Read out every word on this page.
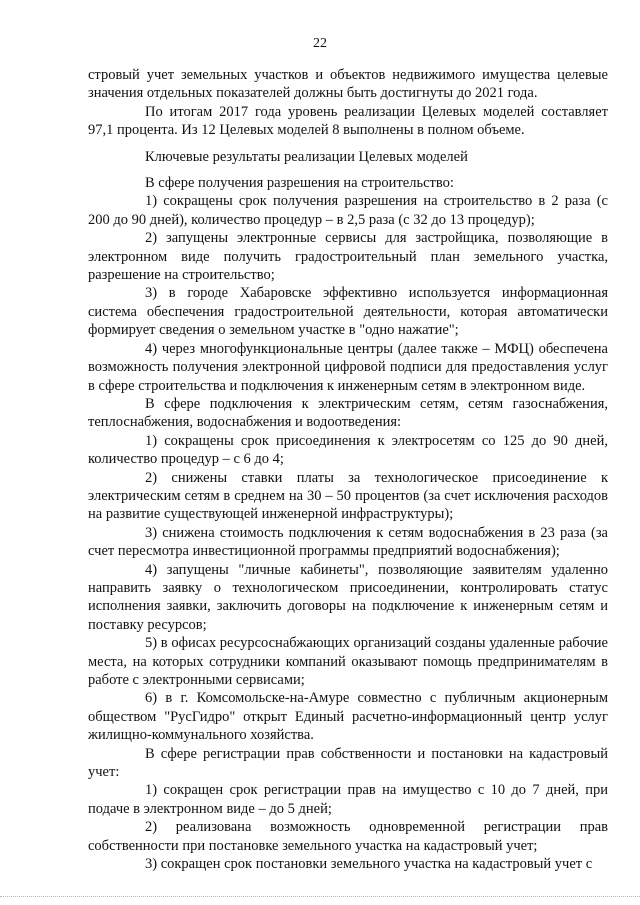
22

стровый учет земельных участков и объектов недвижимого имущества целевые значения отдельных показателей должны быть достигнуты до 2021 года.

По итогам 2017 года уровень реализации Целевых моделей составляет 97,1 процента. Из 12 Целевых моделей 8 выполнены в полном объеме.

Ключевые результаты реализации Целевых моделей

В сфере получения разрешения на строительство:

1) сокращены срок получения разрешения на строительство в 2 раза (с 200 до 90 дней), количество процедур – в 2,5 раза (с 32 до 13 процедур);

2) запущены электронные сервисы для застройщика, позволяющие в электронном виде получить градостроительный план земельного участка, разрешение на строительство;

3) в городе Хабаровске эффективно используется информационная система обеспечения градостроительной деятельности, которая автоматически формирует сведения о земельном участке в "одно нажатие";

4) через многофункциональные центры (далее также – МФЦ) обеспечена возможность получения электронной цифровой подписи для предоставления услуг в сфере строительства и подключения к инженерным сетям в электронном виде.

В сфере подключения к электрическим сетям, сетям газоснабжения, теплоснабжения, водоснабжения и водоотведения:

1) сокращены срок присоединения к электросетям со 125 до 90 дней, количество процедур – с 6 до 4;

2) снижены ставки платы за технологическое присоединение к электрическим сетям в среднем на 30 – 50 процентов (за счет исключения расходов на развитие существующей инженерной инфраструктуры);

3) снижена стоимость подключения к сетям водоснабжения в 23 раза (за счет пересмотра инвестиционной программы предприятий водоснабжения);

4) запущены "личные кабинеты", позволяющие заявителям удаленно направить заявку о технологическом присоединении, контролировать статус исполнения заявки, заключить договоры на подключение к инженерным сетям и поставку ресурсов;

5) в офисах ресурсоснабжающих организаций созданы удаленные рабочие места, на которых сотрудники компаний оказывают помощь предпринимателям в работе с электронными сервисами;

6) в г. Комсомольске-на-Амуре совместно с публичным акционерным обществом "РусГидро" открыт Единый расчетно-информационный центр услуг жилищно-коммунального хозяйства.

В сфере регистрации прав собственности и постановки на кадастровый учет:

1) сокращен срок регистрации прав на имущество с 10 до 7 дней, при подаче в электронном виде – до 5 дней;

2) реализована возможность одновременной регистрации прав собственности при постановке земельного участка на кадастровый учет;

3) сокращен срок постановки земельного участка на кадастровый учет с
